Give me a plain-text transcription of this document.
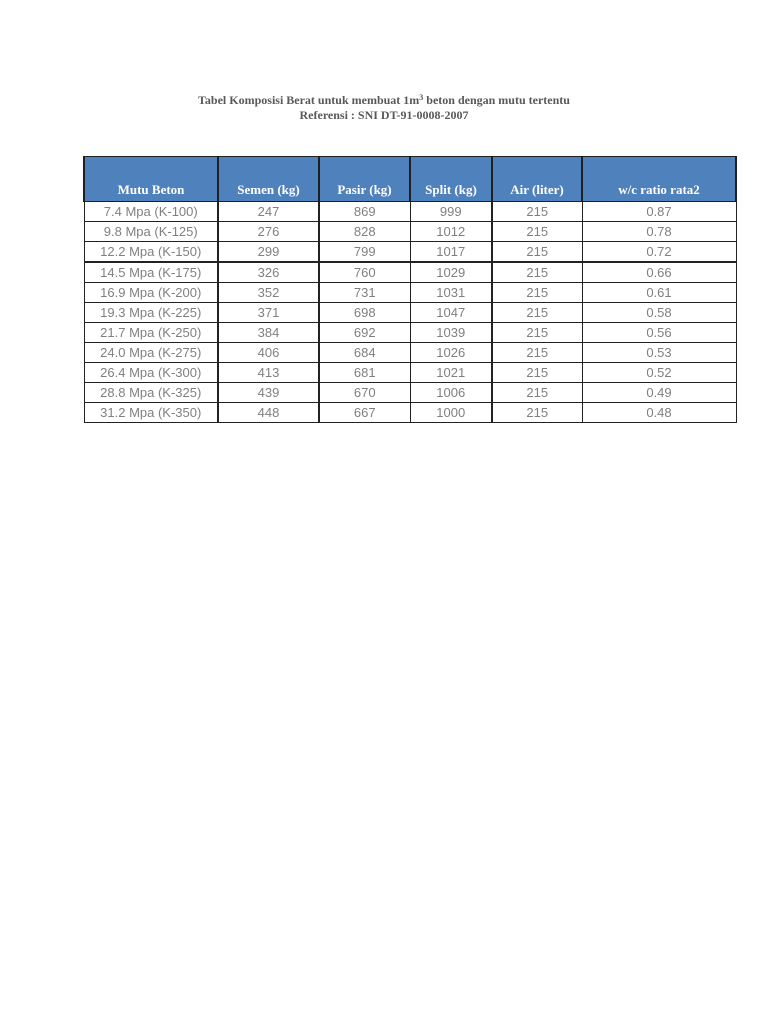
Tabel Komposisi Berat untuk membuat $1m^3$ beton dengan mutu tertentu
Referensi : SNI DT-91-0008-2007
Mutu Beton	Semen (kg)	Pasir (kg)	Split (kg)	Air (liter)	w/c ratio rata2
7.4 Mpa (K-100)	247	869	999	215	0.87
9.8 Mpa (K-125)	276	828	1012	215	0.78
12.2 Mpa (K-150)	299	799	1017	215	0.72
14.5 Mpa (K-175)	326	760	1029	215	0.66
16.9 Mpa (K-200)	352	731	1031	215	0.61
19.3 Mpa (K-225)	371	698	1047	215	0.58
21.7 Mpa (K-250)	384	692	1039	215	0.56
24.0 Mpa (K-275)	406	684	1026	215	0.53
26.4 Mpa (K-300)	413	681	1021	215	0.52
28.8 Mpa (K-325)	439	670	1006	215	0.49
31.2 Mpa (K-350)	448	667	1000	215	0.48
